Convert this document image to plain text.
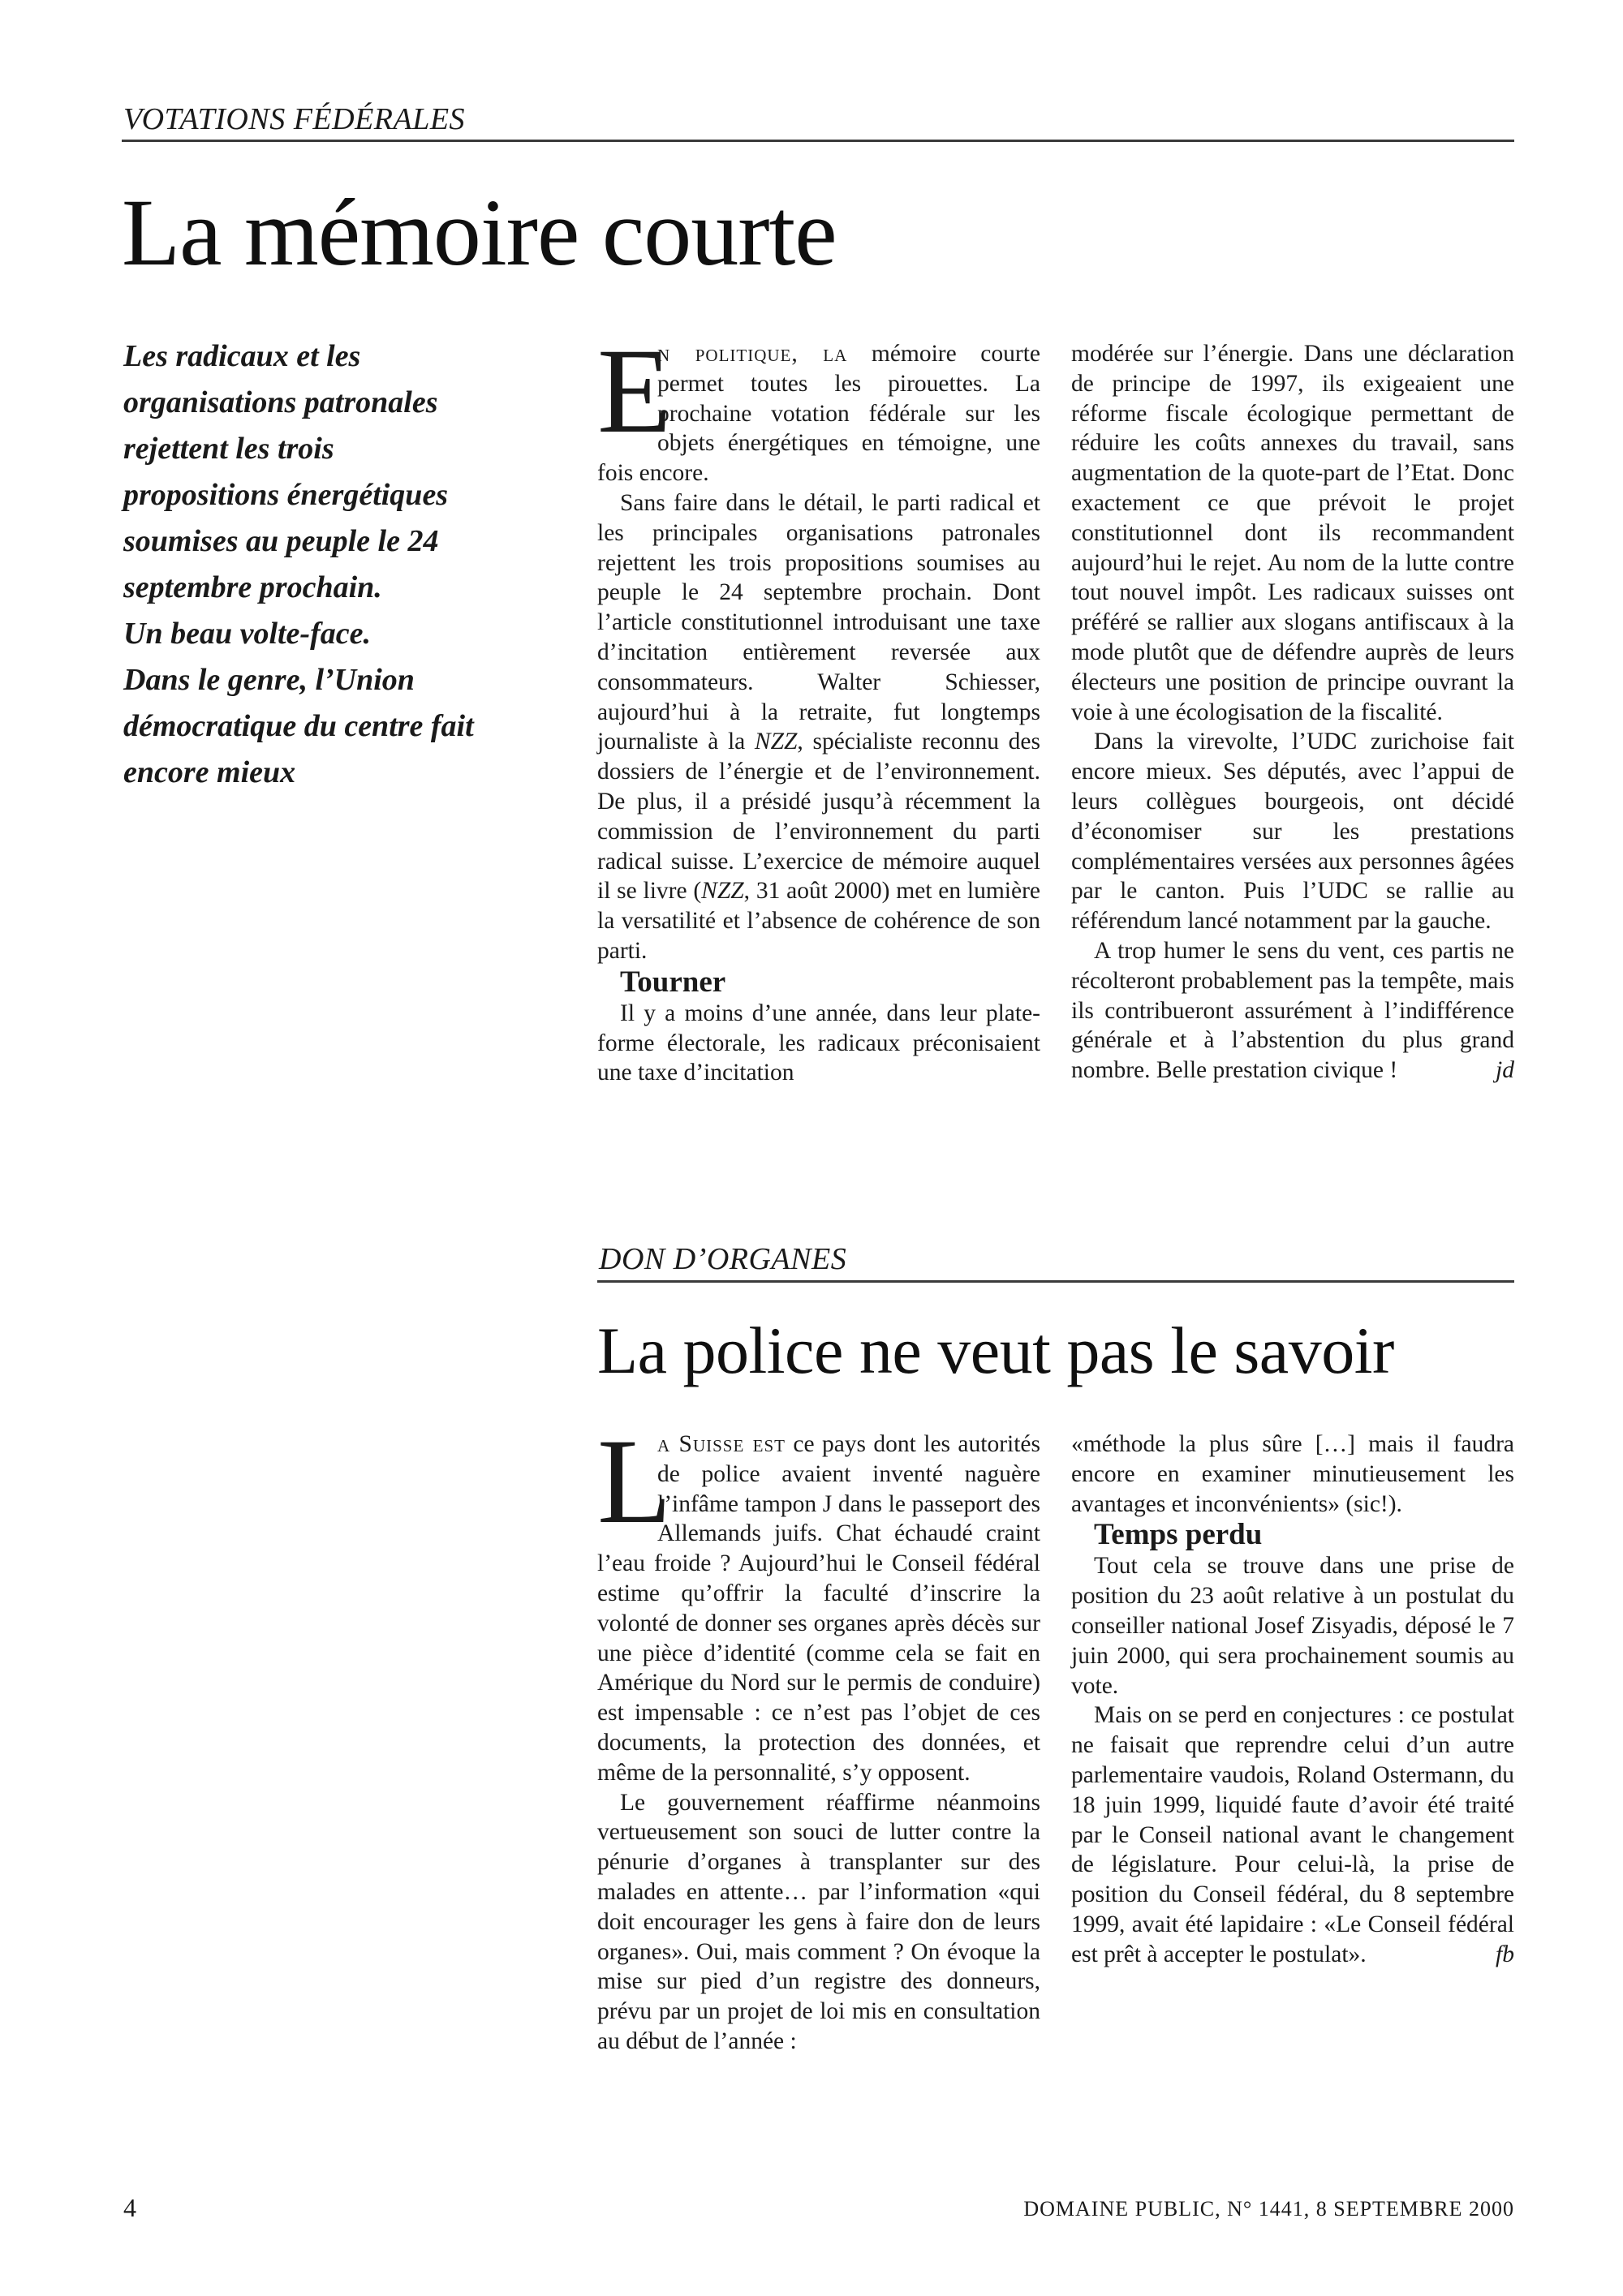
VOTATIONS FÉDÉRALES
La mémoire courte
Les radicaux et les
organisations patronales
rejettent les trois
propositions énergétiques
soumises au peuple le 24
septembre prochain.
Un beau volte-face.
Dans le genre, l’Union
démocratique du centre fait
encore mieux

E
n politique, la mémoire courte permet toutes les pirouettes. La prochaine votation fédérale sur les objets énergétiques en témoigne, une fois encore.

Sans faire dans le détail, le parti radical et les principales organisations patronales rejettent les trois propositions soumises au peuple le 24 septembre prochain. Dont l’article constitutionnel introduisant une taxe d’incitation entièrement reversée aux consommateurs. Walter Schiesser, aujourd’hui à la retraite, fut longtemps journaliste à la NZZ, spécialiste reconnu des dossiers de l’énergie et de l’environnement. De plus, il a présidé jusqu’à récemment la commission de l’environnement du parti radical suisse. L’exercice de mémoire auquel il se livre (NZZ, 31 août 2000) met en lumière la versatilité et l’absence de cohérence de son parti.

Tourner

Il y a moins d’une année, dans leur plate-forme électorale, les radicaux préconisaient une taxe d’incitation

modérée sur l’énergie. Dans une déclaration de principe de 1997, ils exigeaient une réforme fiscale écologique permettant de réduire les coûts annexes du travail, sans augmentation de la quote-part de l’Etat. Donc exactement ce que prévoit le projet constitutionnel dont ils recommandent aujourd’hui le rejet. Au nom de la lutte contre tout nouvel impôt. Les radicaux suisses ont préféré se rallier aux slogans antifiscaux à la mode plutôt que de défendre auprès de leurs électeurs une position de principe ouvrant la voie à une écologisation de la fiscalité.

Dans la virevolte, l’UDC zurichoise fait encore mieux. Ses députés, avec l’appui de leurs collègues bourgeois, ont décidé d’économiser sur les prestations complémentaires versées aux personnes âgées par le canton. Puis l’UDC se rallie au référendum lancé notamment par la gauche.

A trop humer le sens du vent, ces partis ne récolteront probablement pas la tempête, mais ils contribueront assurément à l’indifférence générale et à l’abstention du plus grand nombre. Belle prestation civique !	jd

DON D’ORGANES
La police ne veut pas le savoir

L
a Suisse est ce pays dont les autorités de police avaient inventé naguère l’infâme tampon J dans le passeport des Allemands juifs. Chat échaudé craint l’eau froide ? Aujourd’hui le Conseil fédéral estime qu’offrir la faculté d’inscrire la volonté de donner ses organes après décès sur une pièce d’identité (comme cela se fait en Amérique du Nord sur le permis de conduire) est impensable : ce n’est pas l’objet de ces documents, la protection des données, et même de la personnalité, s’y opposent.

Le gouvernement réaffirme néanmoins vertueusement son souci de lutter contre la pénurie d’organes à transplanter sur des malades en attente… par l’information «qui doit encourager les gens à faire don de leurs organes». Oui, mais comment ? On évoque la mise sur pied d’un registre des donneurs, prévu par un projet de loi mis en consultation au début de l’année :

«méthode la plus sûre […] mais il faudra encore en examiner minutieusement les avantages et inconvénients» (sic!).

Temps perdu

Tout cela se trouve dans une prise de position du 23 août relative à un postulat du conseiller national Josef Zisyadis, déposé le 7 juin 2000, qui sera prochainement soumis au vote.

Mais on se perd en conjectures : ce postulat ne faisait que reprendre celui d’un autre parlementaire vaudois, Roland Ostermann, du 18 juin 1999, liquidé faute d’avoir été traité par le Conseil national avant le changement de législature. Pour celui-là, la prise de position du Conseil fédéral, du 8 septembre 1999, avait été lapidaire : «Le Conseil fédéral est prêt à accepter le postulat».	fb

4	DOMAINE PUBLIC, N° 1441, 8 SEPTEMBRE 2000
